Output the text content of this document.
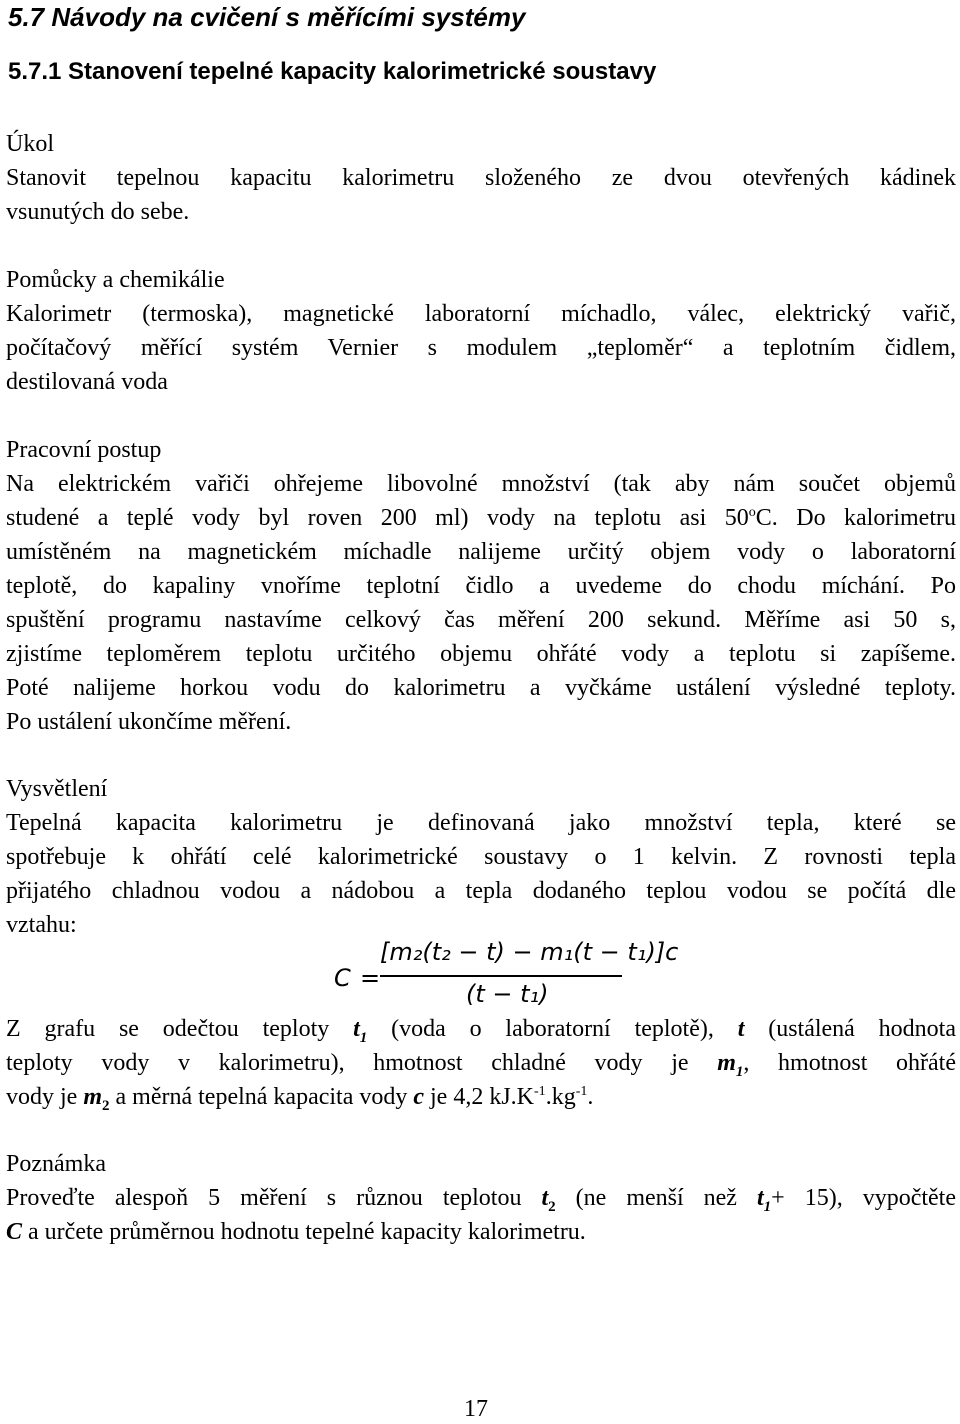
5.7 Návody na cvičení s měřícími systémy
5.7.1 Stanovení tepelné kapacity kalorimetrické soustavy
Úkol
Stanovit tepelnou kapacitu kalorimetru složeného ze dvou otevřených kádinek
vsunutých do sebe.
Pomůcky a chemikálie
Kalorimetr (termoska), magnetické laboratorní míchadlo, válec, elektrický vařič,
počítačový měřící systém Vernier s modulem „teploměr“ a teplotním čidlem,
destilovaná voda
Pracovní postup
Na elektrickém vařiči ohřejeme libovolné množství (tak aby nám součet objemů
studené a teplé vody byl roven 200 ml) vody na teplotu asi 50$^o$C. Do kalorimetru
umístěném na magnetickém míchadle nalijeme určitý objem vody o laboratorní
teplotě, do kapaliny vnoříme teplotní čidlo a uvedeme do chodu míchání. Po
spuštění programu nastavíme celkový čas měření 200 sekund. Měříme asi 50 s,
zjistíme teploměrem teplotu určitého objemu ohřáté vody a teplotu si zapíšeme.
Poté nalijeme horkou vodu do kalorimetru a vyčkáme ustálení výsledné teploty.
Po ustálení ukončíme měření.
Vysvětlení
Tepelná kapacita kalorimetru je definovaná jako množství tepla, které se
spotřebuje k ohřátí celé kalorimetrické soustavy o 1 kelvin. Z rovnosti tepla
přijatého chladnou vodou a nádobou a tepla dodaného teplou vodou se počítá dle
vztahu:
C =
[m₂(t₂ − t) − m₁(t − t₁)]c
(t − t₁)
Z grafu se odečtou teploty $t_1$ (voda o laboratorní teplotě), t (ustálená hodnota
teploty vody v kalorimetru), hmotnost chladné vody je $m_1$, hmotnost ohřáté
vody je $m_2$ a měrná tepelná kapacita vody c je 4,2 $kJ.K^{-1}.kg^{-1}$.
Poznámka
Proveďte alespoň 5 měření s různou teplotou $t_2$ (ne menší než $t_1+ 15$), vypočtěte
C a určete průměrnou hodnotu tepelné kapacity kalorimetru.
17
